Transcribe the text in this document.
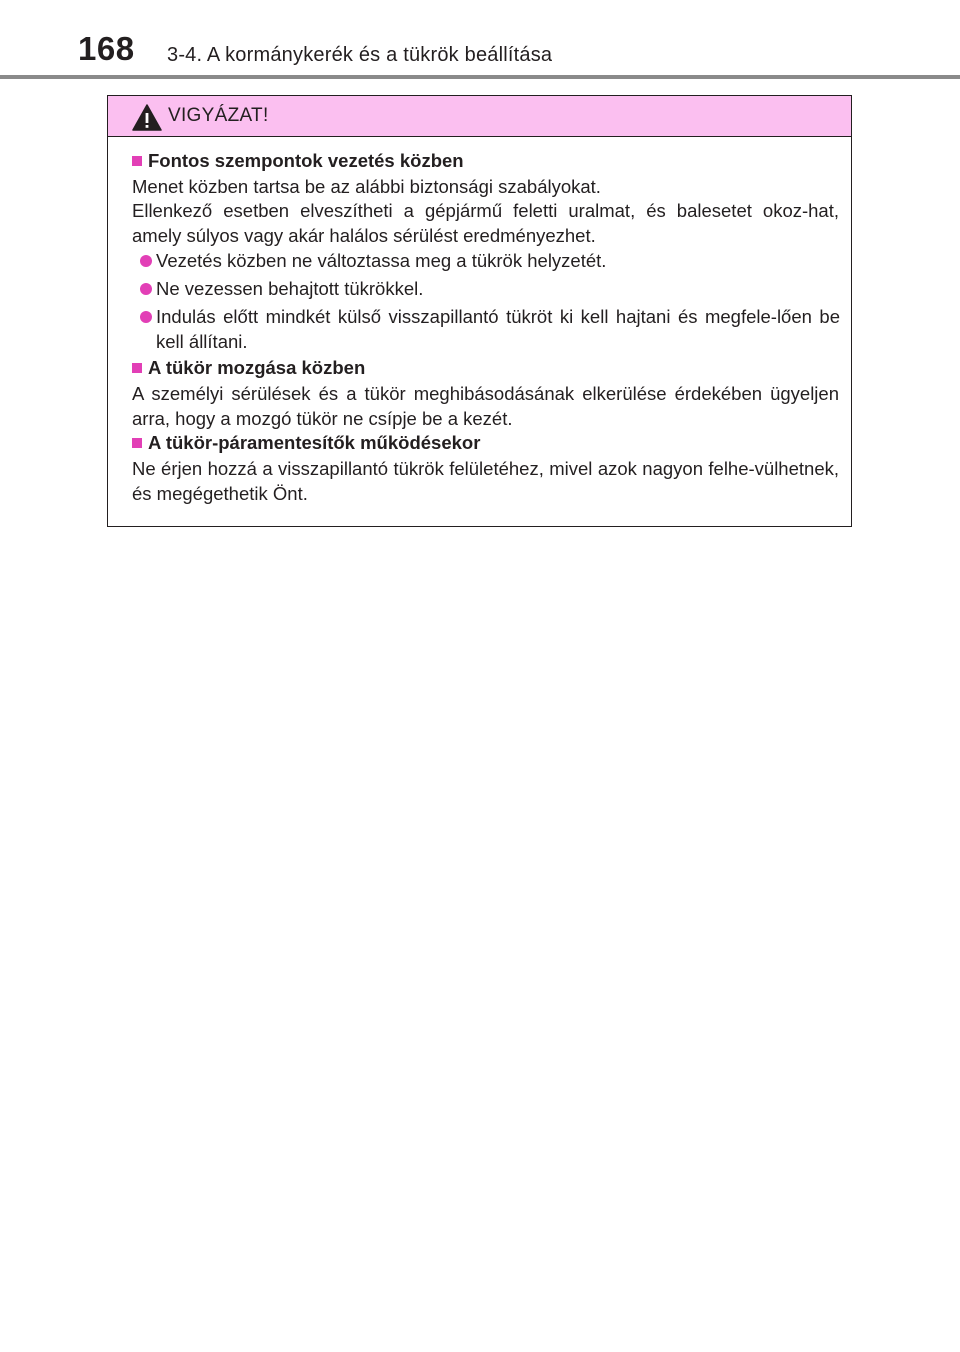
168 3-4. A kormánykerék és a tükrök beállítása
VIGYÁZAT!
Fontos szempontok vezetés közben
Menet közben tartsa be az alábbi biztonsági szabályokat.
Ellenkező esetben elveszítheti a gépjármű feletti uralmat, és balesetet okoz-hat, amely súlyos vagy akár halálos sérülést eredményezhet.
Vezetés közben ne változtassa meg a tükrök helyzetét.
Ne vezessen behajtott tükrökkel.
Indulás előtt mindkét külső visszapillantó tükröt ki kell hajtani és megfele-lően be kell állítani.
A tükör mozgása közben
A személyi sérülések és a tükör meghibásodásának elkerülése érdekében ügyeljen arra, hogy a mozgó tükör ne csípje be a kezét.
A tükör-páramentesítők működésekor
Ne érjen hozzá a visszapillantó tükrök felületéhez, mivel azok nagyon felhe-vülhetnek, és megégethetik Önt.
